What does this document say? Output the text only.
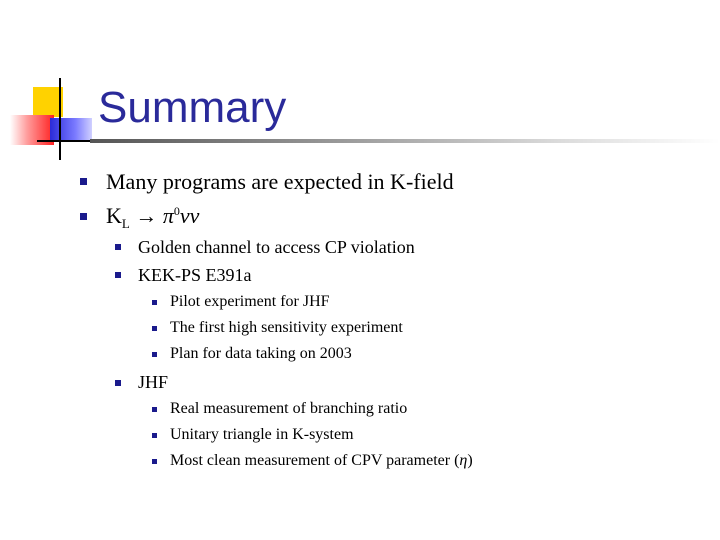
Summary
Many programs are expected in K-field
$K_L \to \pi^0\nu\nu$
Golden channel to access CP violation
KEK-PS E391a
Pilot experiment for JHF
The first high sensitivity experiment
Plan for data taking on 2003
JHF
Real measurement of branching ratio
Unitary triangle in K-system
Most clean measurement of CPV parameter (η)
